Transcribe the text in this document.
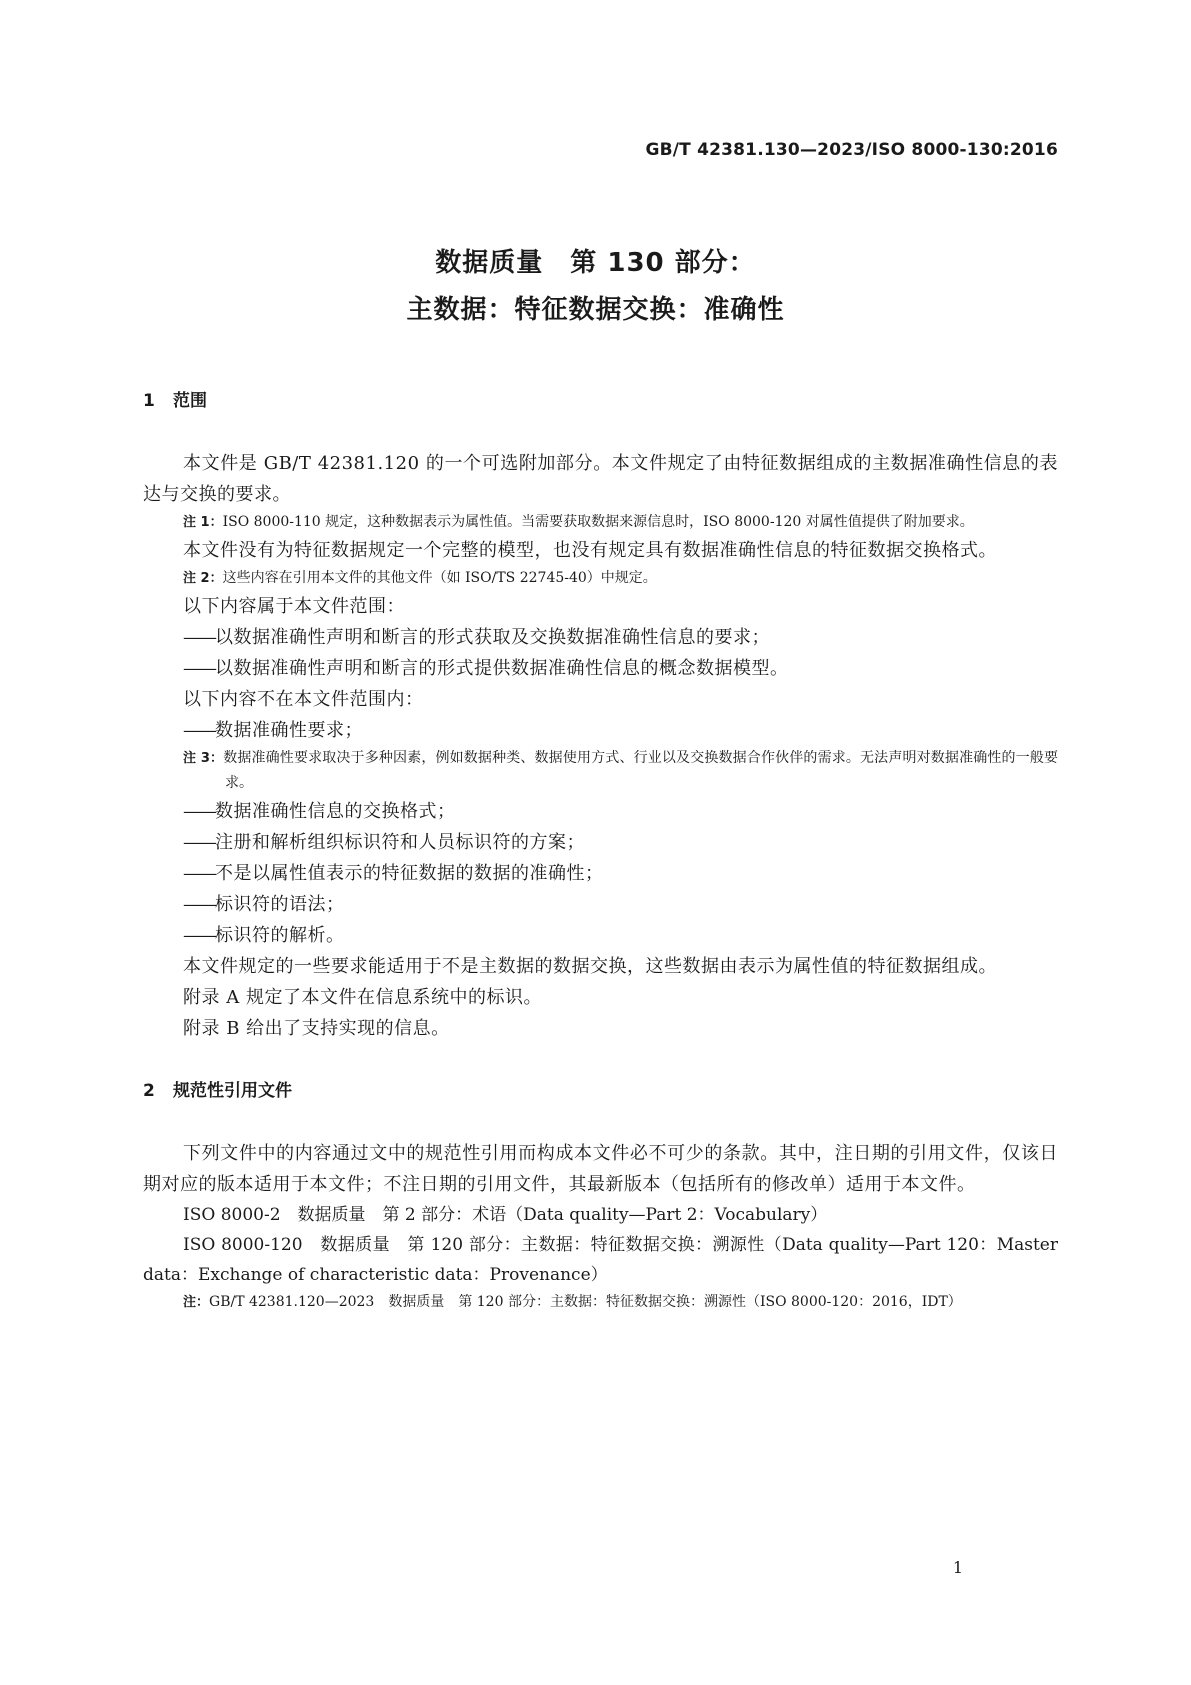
GB/T 42381.130—2023/ISO 8000-130:2016
数据质量　第 130 部分：
主数据：特征数据交换：准确性
1 范围
本文件是 GB/T 42381.120 的一个可选附加部分。本文件规定了由特征数据组成的主数据准确性信息的表达与交换的要求。
注 1：ISO 8000-110 规定，这种数据表示为属性值。当需要获取数据来源信息时，ISO 8000-120 对属性值提供了附加要求。
本文件没有为特征数据规定一个完整的模型，也没有规定具有数据准确性信息的特征数据交换格式。
注 2：这些内容在引用本文件的其他文件（如 ISO/TS 22745-40）中规定。
以下内容属于本文件范围：
——以数据准确性声明和断言的形式获取及交换数据准确性信息的要求；
——以数据准确性声明和断言的形式提供数据准确性信息的概念数据模型。
以下内容不在本文件范围内：
——数据准确性要求；
注 3：数据准确性要求取决于多种因素，例如数据种类、数据使用方式、行业以及交换数据合作伙伴的需求。无法声明对数据准确性的一般要求。
——数据准确性信息的交换格式；
——注册和解析组织标识符和人员标识符的方案；
——不是以属性值表示的特征数据的数据的准确性；
——标识符的语法；
——标识符的解析。
本文件规定的一些要求能适用于不是主数据的数据交换，这些数据由表示为属性值的特征数据组成。
附录 A 规定了本文件在信息系统中的标识。
附录 B 给出了支持实现的信息。
2 规范性引用文件
下列文件中的内容通过文中的规范性引用而构成本文件必不可少的条款。其中，注日期的引用文件，仅该日期对应的版本适用于本文件；不注日期的引用文件，其最新版本（包括所有的修改单）适用于本文件。
ISO 8000-2　数据质量　第 2 部分：术语（Data quality—Part 2：Vocabulary）
ISO 8000-120　数据质量　第 120 部分：主数据：特征数据交换：溯源性（Data quality—Part 120：Master data：Exchange of characteristic data：Provenance）
注：GB/T 42381.120—2023　数据质量　第 120 部分：主数据：特征数据交换：溯源性（ISO 8000-120：2016，IDT）
1
